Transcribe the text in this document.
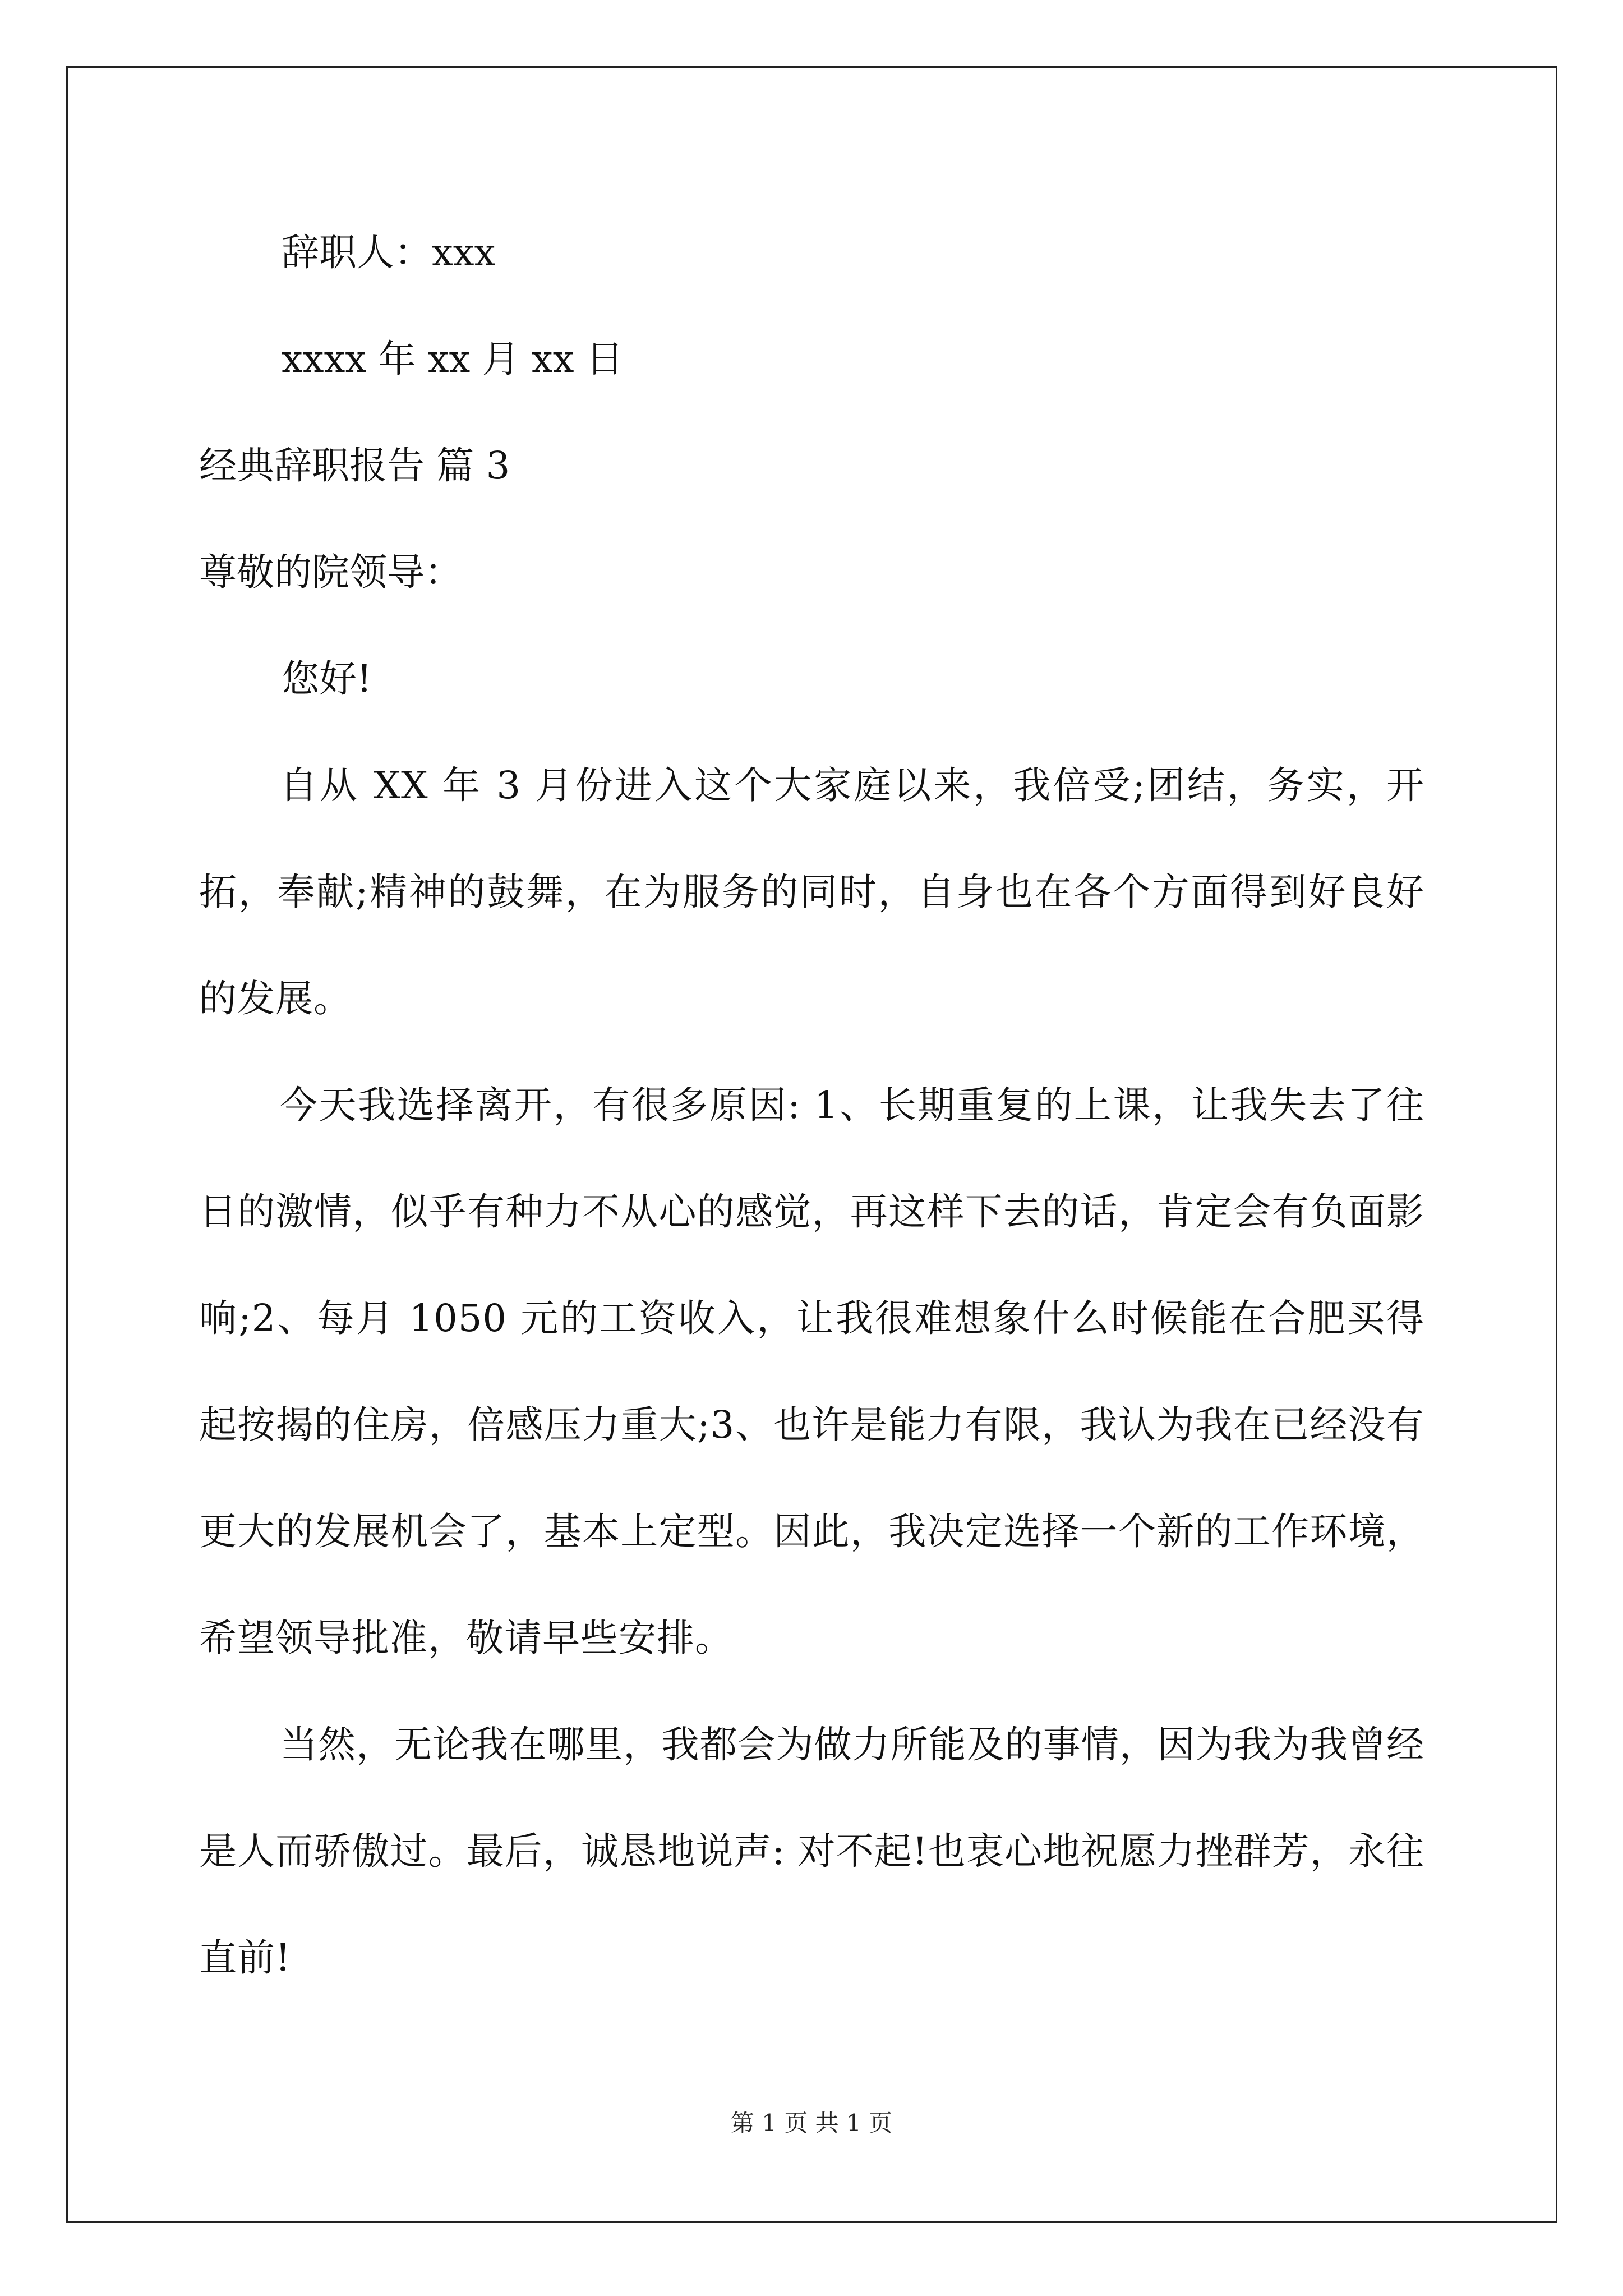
辞职人：xxx

xxxx 年 xx 月 xx 日

经典辞职报告 篇 3

尊敬的院领导：

您好!

自从 XX 年 3 月份进入这个大家庭以来，我倍受;团结，务实，开拓，奉献;精神的鼓舞，在为服务的同时，自身也在各个方面得到好良好的发展。

今天我选择离开，有很多原因: 1、长期重复的上课，让我失去了往日的激情，似乎有种力不从心的感觉，再这样下去的话，肯定会有负面影响;2、每月 1050 元的工资收入，让我很难想象什么时候能在合肥买得起按揭的住房，倍感压力重大;3、也许是能力有限，我认为我在已经没有更大的发展机会了，基本上定型。因此，我决定选择一个新的工作环境，希望领导批准，敬请早些安排。

当然，无论我在哪里，我都会为做力所能及的事情，因为我为我曾经是人而骄傲过。最后，诚恳地说声: 对不起!也衷心地祝愿力挫群芳，永往直前!

第 1 页 共 1 页
